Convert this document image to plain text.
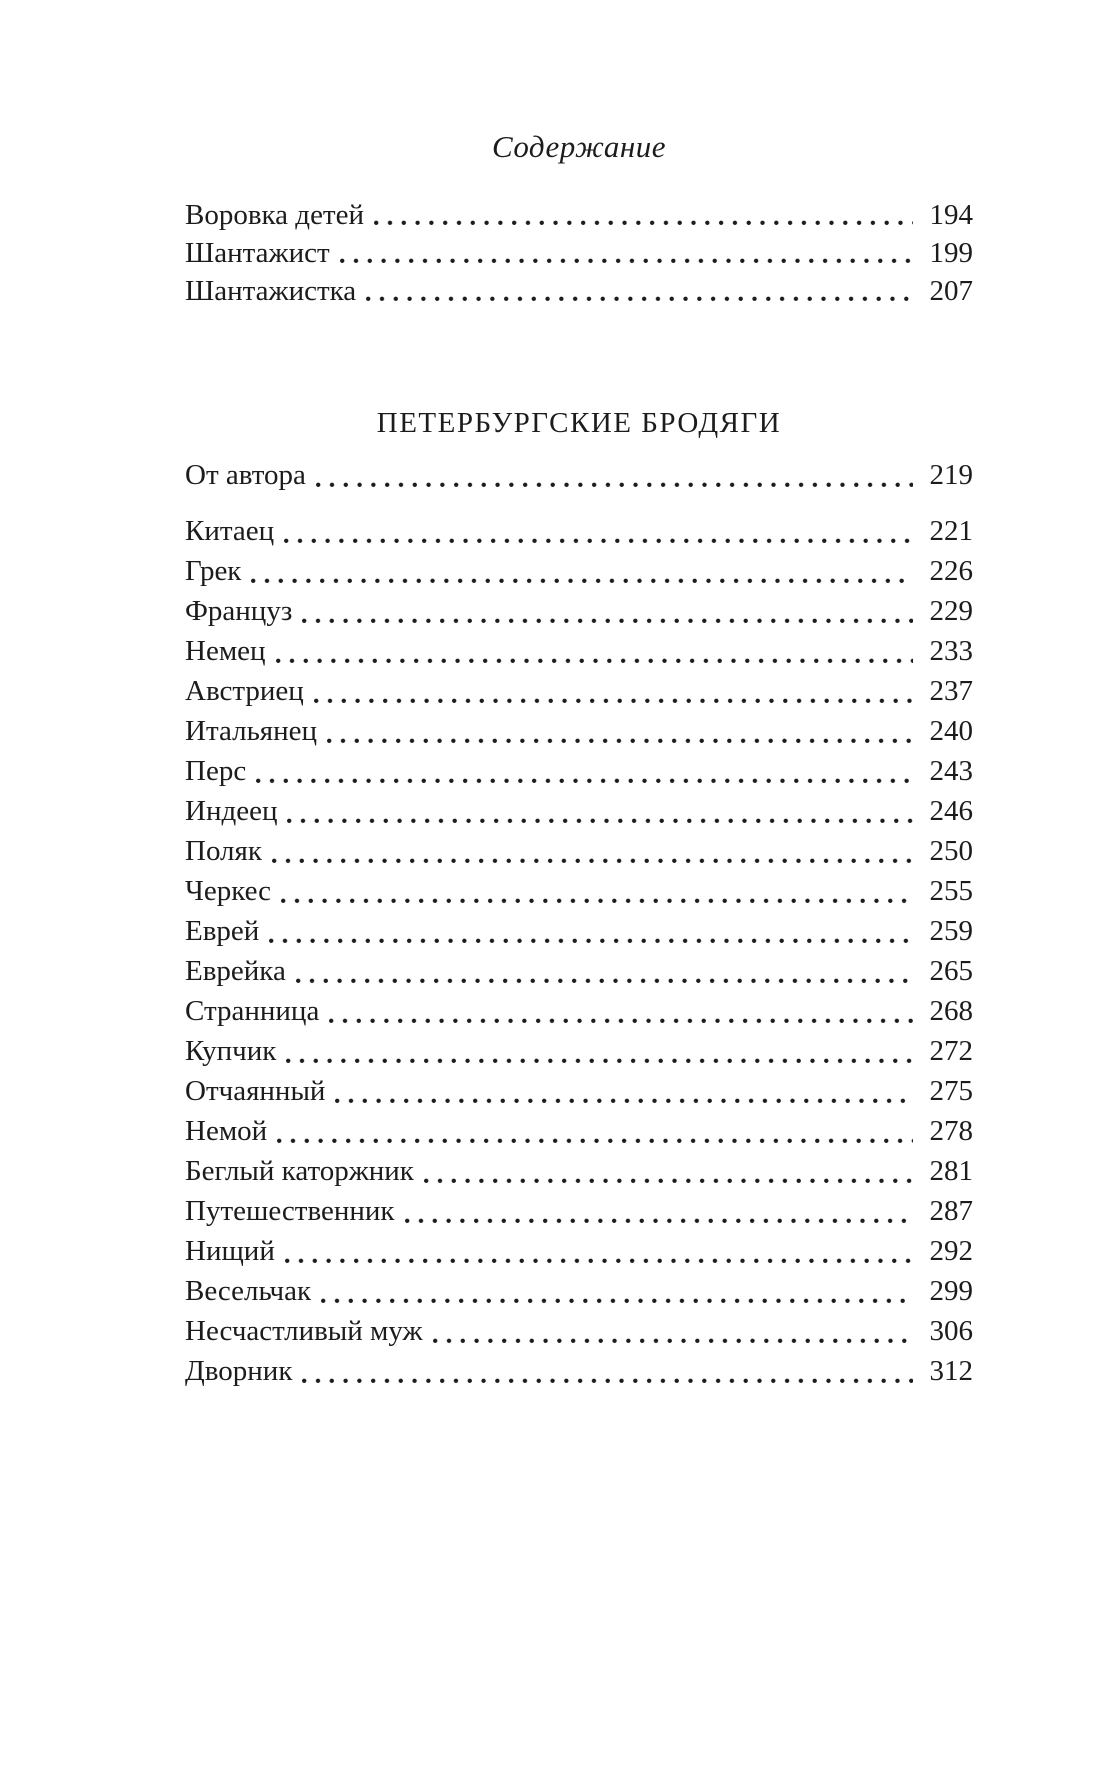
Содержание
Воровка детей	194
Шантажист	199
Шантажистка	207
ПЕТЕРБУРГСКИЕ БРОДЯГИ
От автора	219
Китаец	221
Грек	226
Француз	229
Немец	233
Австриец	237
Итальянец	240
Перс	243
Индеец	246
Поляк	250
Черкес	255
Еврей	259
Еврейка	265
Странница	268
Купчик	272
Отчаянный	275
Немой	278
Беглый каторжник	281
Путешественник	287
Нищий	292
Весельчак	299
Несчастливый муж	306
Дворник	312
